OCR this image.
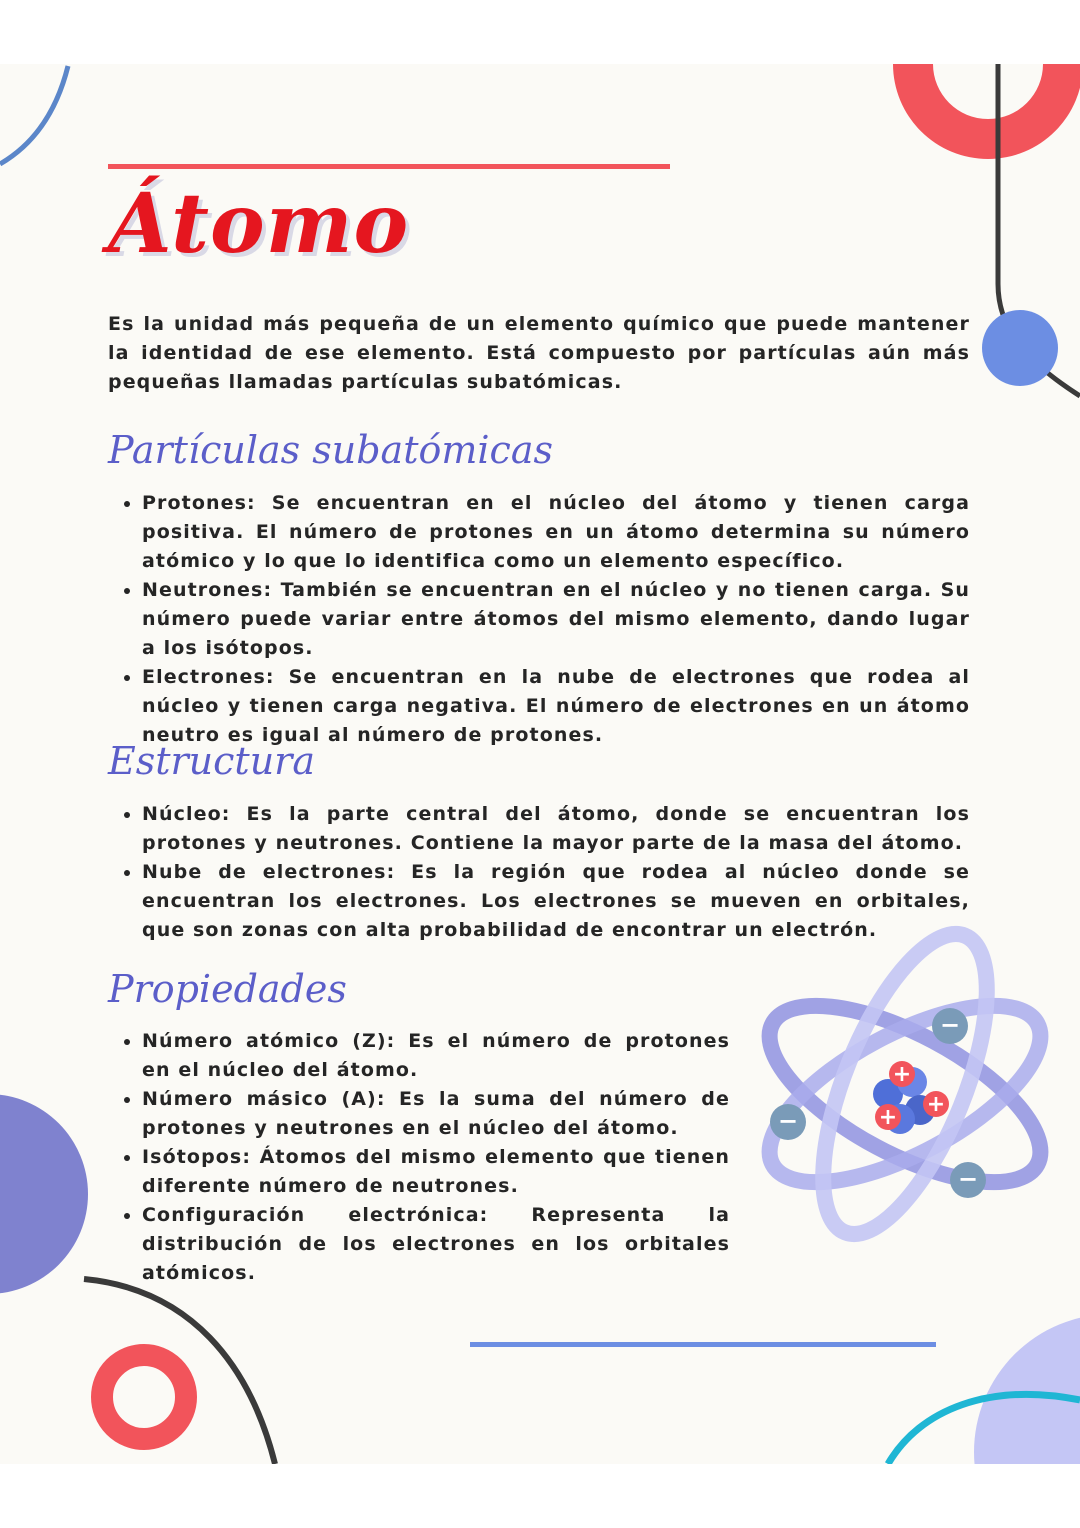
Átomo

Es la unidad más pequeña de un elemento químico que puede mantener la identidad de ese elemento. Está compuesto por partículas aún más pequeñas llamadas partículas subatómicas.

Partículas subatómicas
• Protones: Se encuentran en el núcleo del átomo y tienen carga positiva. El número de protones en un átomo determina su número atómico y lo que lo identifica como un elemento específico.
• Neutrones: También se encuentran en el núcleo y no tienen carga. Su número puede variar entre átomos del mismo elemento, dando lugar a los isótopos.
• Electrones: Se encuentran en la nube de electrones que rodea al núcleo y tienen carga negativa. El número de electrones en un átomo neutro es igual al número de protones.
Estructura
• Núcleo: Es la parte central del átomo, donde se encuentran los protones y neutrones. Contiene la mayor parte de la masa del átomo.
• Nube de electrones: Es la región que rodea al núcleo donde se encuentran los electrones. Los electrones se mueven en orbitales, que son zonas con alta probabilidad de encontrar un electrón.
Propiedades
• Número atómico (Z): Es el número de protones en el núcleo del átomo.
• Número másico (A): Es la suma del número de protones y neutrones en el núcleo del átomo.
• Isótopos: Átomos del mismo elemento que tienen diferente número de neutrones.
• Configuración electrónica: Representa la distribución de los electrones en los orbitales atómicos.
+
+
+
−
−
−
